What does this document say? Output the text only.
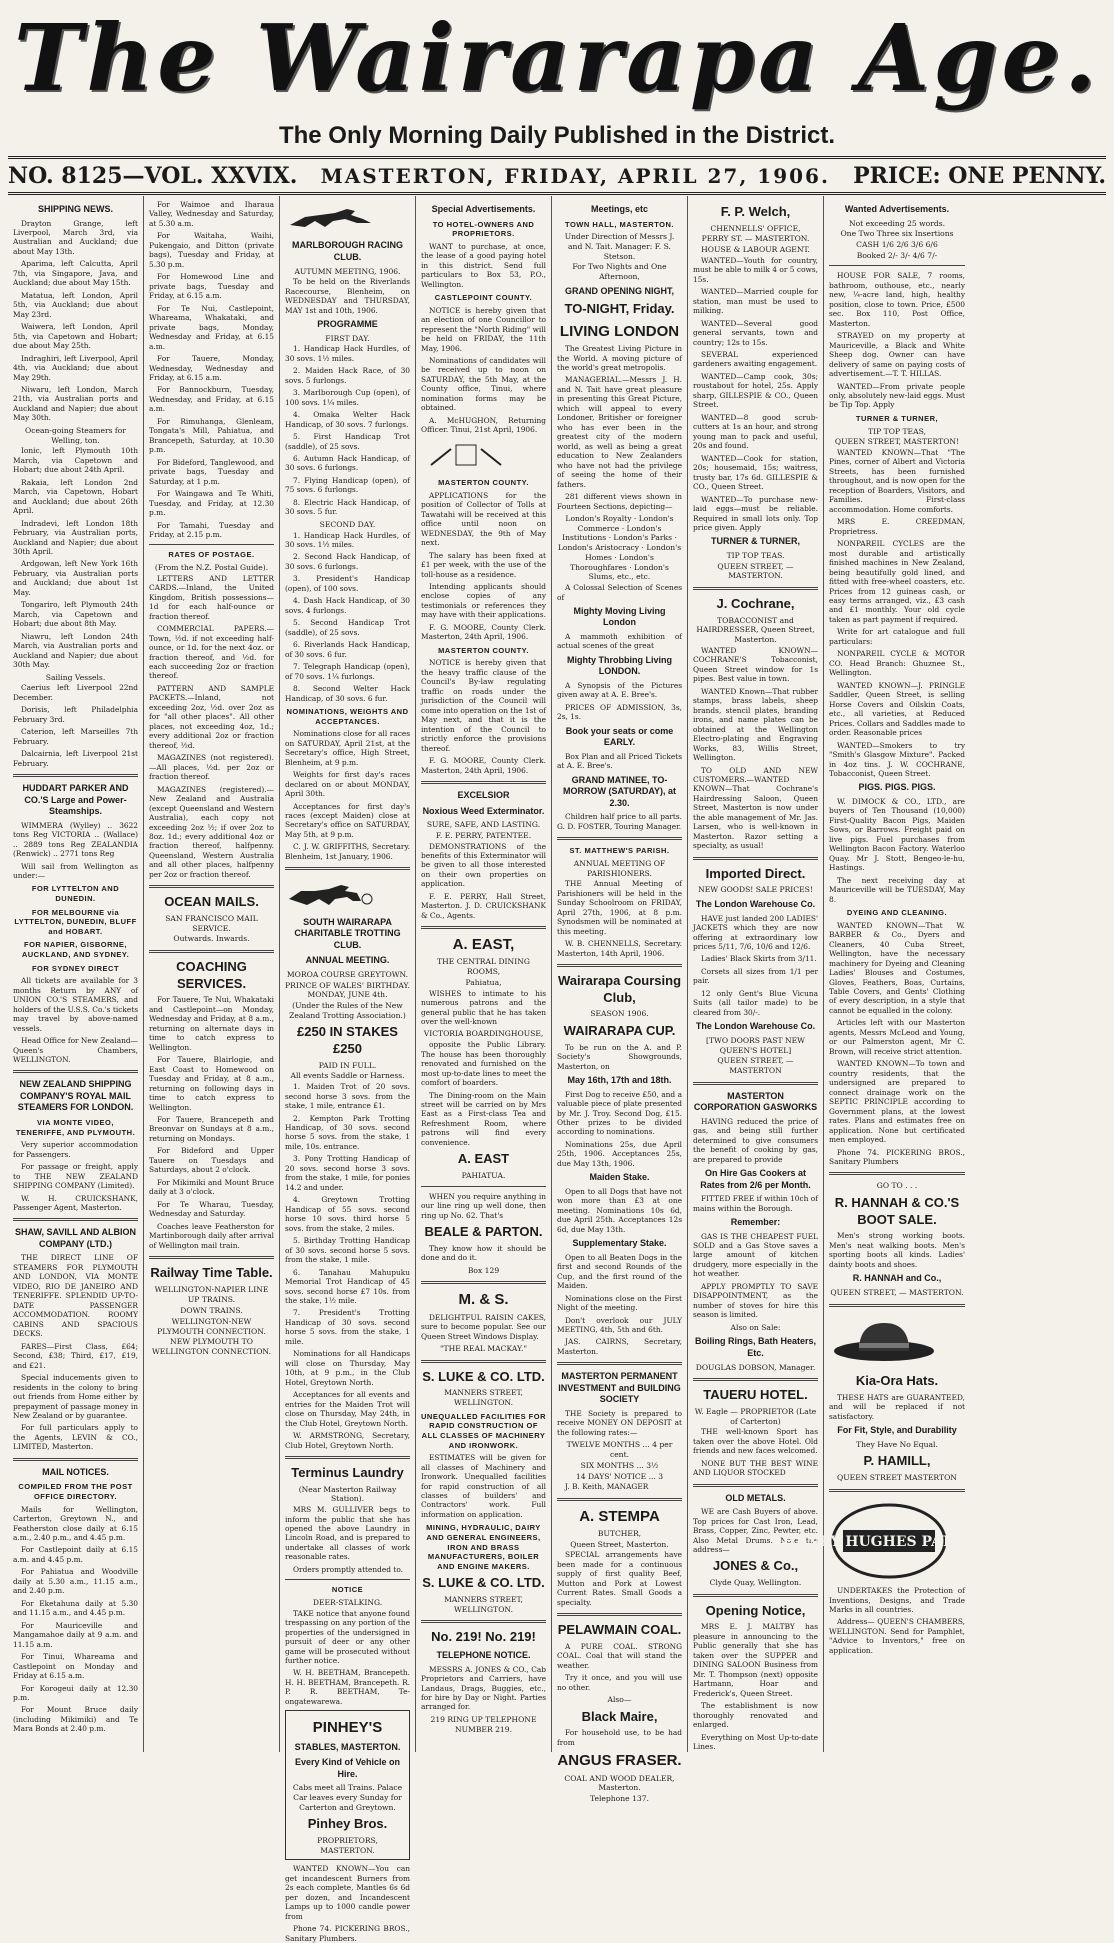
The Wairarapa Age.
The Only Morning Daily Published in the District.
NO. 8125—VOL. XXVIX. MASTERTON, FRIDAY, APRIL 27, 1906. PRICE: ONE PENNY.
SHIPPING NEWS.

Drayton Grange, left Liverpool, March 3rd, via Australian and Auckland; due about May 13th.

Aparima, left Calcutta, April 7th, via Singapore, Java, and Auckland; due about May 15th.

Matatua, left London, April 5th, via Auckland; due about May 23rd.

Waiwera, left London, April 5th, via Capetown and Hobart; due about May 25th.

Indraghiri, left Liverpool, April 4th, via Auckland; due about May 29th.

Niwaru, left London, March 21th, via Australian ports and Auckland and Napier; due about May 30th.

Ocean-going Steamers for Welling, ton.

Ionic, left Plymouth 10th March, via Capetown and Hobart; due about 24th April.

Rakaia, left London 2nd March, via Capetown, Hobart and Auckland; due about 26th April.

Indradevi, left London 18th February, via Australian ports, Auckland and Napier; due about 30th April.

Ardgowan, left New York 16th February, via Australian ports and Auckland; due about 1st May.

Tongariro, left Plymouth 24th March, via Capetown and Hobart; due about 8th May.

Niawru, left London 24th March, via Australian ports and Auckland and Napier; due about 30th May.

Sailing Vessels.

Caerius left Liverpool 22nd December.

Dorisis, left Philadelphia February 3rd.

Caterion, left Marseilles 7th February.

Dalcairnia, left Liverpool 21st February.

HUDDART PARKER AND CO.'S Large and Power- Steamships.

WIMMERA (Wylley) .. 3622 tons Reg VICTORIA .. (Wallace) .. 2889 tons Reg ZEALANDIA (Renwick) .. 2771 tons Reg

Will sail from Wellington as under:—

FOR LYTTELTON AND DUNEDIN.
FOR MELBOURNE via LYTTELTON, DUNEDIN, BLUFF and HOBART.
FOR NAPIER, GISBORNE, AUCKLAND, AND SYDNEY.
FOR SYDNEY DIRECT

All tickets are available for 3 months Return by ANY of UNION CO.'S STEAMERS, and holders of the U.S.S. Co.'s tickets may travel by above-named vessels.

Head Office for New Zealand—Queen's Chambers, WELLINGTON.

NEW ZEALAND SHIPPING COMPANY'S ROYAL MAIL STEAMERS FOR LONDON.
VIA MONTE VIDEO, TENERIFFE, AND PLYMOUTH.

Very superior accommodation for Passengers.

For passage or freight, apply to THE NEW ZEALAND SHIPPING COMPANY (Limited).

W. H. CRUICKSHANK, Passenger Agent, Masterton.

SHAW, SAVILL AND ALBION COMPANY (LTD.)

THE DIRECT LINE OF STEAMERS FOR PLYMOUTH AND LONDON, VIA MONTE VIDEO, RIO DE JANEIRO AND TENERIFFE. SPLENDID UP-TO-DATE PASSENGER ACCOMMODATION. ROOMY CABINS AND SPACIOUS DECKS.

FARES—First Class, £64; Second, £38; Third, £17, £19, and £21.

Special inducements given to residents in the colony to bring out friends from Home either by prepayment of passage money in New Zealand or by guarantee.

For full particulars apply to the Agents, LEVIN & CO., LIMITED, Masterton.

MAIL NOTICES.
COMPILED FROM THE POST OFFICE DIRECTORY.

Mails for Wellington, Carterton, Greytown N., and Featherston close daily at 6.15 a.m., 2.40 p.m., and 4.45 p.m.

For Castlepoint daily at 6.15 a.m. and 4.45 p.m.

For Pahiatua and Woodville daily at 5.30 a.m., 11.15 a.m., and 2.40 p.m.

For Eketahuna daily at 5.30 and 11.15 a.m., and 4.45 p.m.

For Mauriceville and Mangamahoe daily at 9 a.m. and 11.15 a.m.

For Tinui, Whareama and Castlepoint on Monday and Friday at 6.15 a.m.

For Korogeui daily at 12.30 p.m.

For Mount Bruce daily (including Mikimiki) and Te Mara Bonds at 2.40 p.m.

For Waimoe and Iharaua Valley, Wednesday and Saturday, at 5.30 a.m.

For Waitaha, Waihi, Pukengaio, and Ditton (private bags), Tuesday and Friday, at 5.30 p.m.

For Homewood Line and private bags, Tuesday and Friday, at 6.15 a.m.

For Te Nui, Castlepoint, Whareama, Whakataki, and private bags, Monday, Wednesday and Friday, at 6.15 a.m.

For Tauere, Monday, Wednesday, Wednesday and Friday, at 6.15 a.m.

For Bannockburn, Tuesday, Wednesday, and Friday, at 6.15 a.m.

For Rimuhanga, Glenleam, Tongata's Mill, Pahiatua, and Brancepeth, Saturday, at 10.30 p.m.

For Bideford, Tanglewood, and private bags, Tuesday and Saturday, at 1 p.m.

For Waingawa and Te Whiti, Tuesday, and Friday, at 12.30 p.m.

For Tamahi, Tuesday and Friday, at 2.15 p.m.

RATES OF POSTAGE.
(From the N.Z. Postal Guide).

LETTERS AND LETTER CARDS.—Inland, the United Kingdom, British possessions—1d for each half-ounce or fraction thereof.

COMMERCIAL PAPERS.—Town, ½d. if not exceeding half-ounce, or 1d. for the next 4oz. or fraction thereof, and ½d. for each succeeding 2oz or fraction thereof.

PATTERN AND SAMPLE PACKETS.—Inland, not exceeding 2oz, ½d. over 2oz as for "all other places". All other places, not exceeding 4oz, 1d.; every additional 2oz or fraction thereof, ½d.

MAGAZINES (not registered).—All places, ½d. per 2oz or fraction thereof.

MAGAZINES (registered).—New Zealand and Australia (except Queensland and Western Australia), each copy not exceeding 2oz ½; if over 2oz to 8oz. 1d.; every additional 4oz or fraction thereof, halfpenny. Queensland, Western Australia and all other places, halfpenny per 2oz or fraction thereof.

OCEAN MAILS.
SAN FRANCISCO MAIL SERVICE.
Outwards. Inwards.
COACHING SERVICES.

For Tauere, Te Nui, Whakataki and Castlepoint—on Monday, Wednesday and Friday, at 8 a.m., returning on alternate days in time to catch express to Wellington.

For Tauere, Blairlogie, and East Coast to Homewood on Tuesday and Friday, at 8 a.m., returning on following days in time to catch express to Wellington.

For Tauere, Brancepeth and Breonvar on Sundays at 8 a.m., returning on Mondays.

For Bideford and Upper Tauere on Tuesdays and Saturdays, about 2 o'clock.

For Mikimiki and Mount Bruce daily at 3 o'clock.

For Te Wharau, Tuesday, Wednesday and Saturday.

Coaches leave Featherston for Martinborough daily after arrival of Wellington mail train.

Railway Time Table.
WELLINGTON-NAPIER LINE
UP TRAINS.
DOWN TRAINS.
WELLINGTON-NEW PLYMOUTH CONNECTION.
NEW PLYMOUTH TO WELLINGTON CONNECTION.
MARLBOROUGH RACING CLUB.
AUTUMN MEETING, 1906.

To be held on the Riverlands Racecourse, Blenheim, on WEDNESDAY and THURSDAY, MAY 1st and 10th, 1906.

PROGRAMME
FIRST DAY.

1. Handicap Hack Hurdles, of 30 sovs. 1½ miles.

2. Maiden Hack Race, of 30 sovs. 5 furlongs.

3. Marlborough Cup (open), of 100 sovs. 1¼ miles.

4. Omaka Welter Hack Handicap, of 30 sovs. 7 furlongs.

5. First Handicap Trot (saddle), of 25 sovs.

6. Autumn Hack Handicap, of 30 sovs. 6 furlongs.

7. Flying Handicap (open), of 75 sovs. 6 furlongs.

8. Electric Hack Handicap, of 30 sovs. 5 fur.

SECOND DAY.

1. Handicap Hack Hurdles, of 30 sovs. 1½ miles.

2. Second Hack Handicap, of 30 sovs. 6 furlongs.

3. President's Handicap (open), of 100 sovs.

4. Dash Hack Handicap, of 30 sovs. 4 furlongs.

5. Second Handicap Trot (saddle), of 25 sovs.

6. Riverlands Hack Handicap, of 30 sovs. 6 fur.

7. Telegraph Handicap (open), of 70 sovs. 1¼ furlongs.

8. Second Welter Hack Handicap, of 30 sovs. 6 fur.

NOMINATIONS, WEIGHTS AND ACCEPTANCES.

Nominations close for all races on SATURDAY, April 21st, at the Secretary's office, High Street, Blenheim, at 9 p.m.

Weights for first day's races declared on or about MONDAY, April 30th.

Acceptances for first day's races (except Maiden) close at Secretary's office on SATURDAY, May 5th, at 9 p.m.

C. J. W. GRIFFITHS, Secretary. Blenheim, 1st January, 1906.

SOUTH WAIRARAPA CHARITABLE TROTTING CLUB.
ANNUAL MEETING.
MOROA COURSE GREYTOWN.
PRINCE OF WALES' BIRTHDAY. MONDAY, JUNE 4th.
(Under the Rules of the New Zealand Trotting Association.)
£250 IN STAKES £250
PAID IN FULL.
All events Saddle or Harness.

1. Maiden Trot of 20 sovs. second horse 3 sovs. from the stake, 1 mile, entrance £1.

2. Kempton Park Trotting Handicap, of 30 sovs. second horse 5 sovs. from the stake, 1 mile, 10s. entrance.

3. Pony Trotting Handicap of 20 sovs. second horse 3 sovs. from the stake, 1 mile, for ponies 14.2 and under.

4. Greytown Trotting Handicap of 55 sovs. second horse 10 sovs. third horse 5 sovs. from the stake, 2 miles.

5. Birthday Trotting Handicap of 30 sovs. second horse 5 sovs. from the stake, 1 mile.

6. Tanahau Mahupuku Memorial Trot Handicap of 45 sovs. second horse £7 10s. from the stake, 1½ mile.

7. President's Trotting Handicap of 30 sovs. second horse 5 sovs. from the stake, 1 mile.

Nominations for all Handicaps will close on Thursday, May 10th, at 9 p.m., in the Club Hotel, Greytown North.

Acceptances for all events and entries for the Maiden Trot will close on Thursday, May 24th, in the Club Hotel, Greytown North.

W. ARMSTRONG, Secretary, Club Hotel, Greytown North.

Terminus Laundry
(Near Masterton Railway Station).

MRS M. GULLIVER begs to inform the public that she has opened the above Laundry in Lincoln Road, and is prepared to undertake all classes of work reasonable rates.

Orders promptly attended to.

NOTICE
DEER-STALKING.

TAKE notice that anyone found trespassing on any portion of the properties of the undersigned in pursuit of deer or any other game will be prosecuted without further notice.

W. H. BEETHAM, Brancepeth. H. H. BEETHAM, Brancepeth. R. P. R. BEETHAM, Te-ongatewarewa.

PINHEY'S
STABLES, MASTERTON.
Every Kind of Vehicle on Hire.
Cabs meet all Trains. Palace Car leaves every Sunday for Carterton and Greytown.
Pinhey Bros.
PROPRIETORS, MASTERTON.

WANTED KNOWN—You can get incandescent Burners from 2s each complete, Mantles 6s 6d per dozen, and Incandescent Lamps up to 1000 candle power from

Phone 74. PICKERING BROS., Sanitary Plumbers.

Special Advertisements.
TO HOTEL-OWNERS AND PROPRIETORS.

WANT to purchase, at once, the lease of a good paying hotel in this district. Send full particulars to Box 53, P.O., Wellington.

CASTLEPOINT COUNTY.

NOTICE is hereby given that an election of one Councillor to represent the "North Riding" will be held on FRIDAY, the 11th May, 1906.

Nominations of candidates will be received up to noon on SATURDAY, the 5th May, at the County office, Tinui, where nomination forms may be obtained.

A. McHUGHON, Returning Officer. Tinui, 21st April, 1906.

MASTERTON COUNTY.

APPLICATIONS for the position of Collector of Tolls at Tawatahi will be received at this office until noon on WEDNESDAY, the 9th of May next.

The salary has been fixed at £1 per week, with the use of the toll-house as a residence.

Intending applicants should enclose copies of any testimonials or references they may have with their applications.

F. G. MOORE, County Clerk. Masterton, 24th April, 1906.

MASTERTON COUNTY.

NOTICE is hereby given that the heavy traffic clause of the Council's By-law regulating traffic on roads under the jurisdiction of the Council will come into operation on the 1st of May next, and that it is the intention of the Council to strictly enforce the provisions thereof.

F. G. MOORE, County Clerk. Masterton, 24th April, 1906.

EXCELSIOR
Noxious Weed Exterminator.
SURE, SAFE, AND LASTING.
F. E. PERRY, PATENTEE.

DEMONSTRATIONS of the benefits of this Exterminator will be given to all those interested on their own properties on application.

F. E. PERRY, Hall Street, Masterton. J. D. CRUICKSHANK & Co., Agents.

A. EAST,
THE CENTRAL DINING ROOMS,
Pahiatua,

WISHES to intimate to his numerous patrons and the general public that he has taken over the well-known

VICTORIA BOARDINGHOUSE,

opposite the Public Library. The house has been thoroughly renovated and furnished on the most up-to-date lines to meet the comfort of boarders.

The Dining-room on the Main street will be carried on by Mrs East as a First-class Tea and Refreshment Room, where patrons will find every convenience.

A. EAST
PAHIATUA.

WHEN you require anything in our line ring up well done, then ring up No. 62. That's

BEALE & PARTON.

They know how it should be done and do it.

Box 129
M. & S.

DELIGHTFUL RAISIN CAKES, sure to become popular. See our Queen Street Windows Display.

"THE REAL MACKAY."
S. LUKE & CO. LTD.
MANNERS STREET, WELLINGTON.
UNEQUALLED FACILITIES FOR RAPID CONSTRUCTION OF ALL CLASSES OF MACHINERY AND IRONWORK.

ESTIMATES will be given for all classes of Machinery and Ironwork. Unequalled facilities for rapid construction of all classes of builders' and Contractors' work. Full information on application.

MINING, HYDRAULIC, DAIRY AND GENERAL ENGINEERS, IRON AND BRASS MANUFACTURERS, BOILER AND ENGINE MAKERS.
S. LUKE & CO. LTD.
MANNERS STREET, WELLINGTON.
No. 219! No. 219!
TELEPHONE NOTICE.

MESSRS A. JONES & CO., Cab Proprietors and Carriers, have Landaus, Drags, Buggies, etc., for hire by Day or Night. Parties arranged for.

219 RING UP TELEPHONE NUMBER 219.
Meetings, etc
TOWN HALL, MASTERTON.
Under Direction of Messrs J. and N. Tait. Manager: F. S. Stetson.
For Two Nights and One Afternoon,
GRAND OPENING NIGHT,
TO-NIGHT, Friday.
LIVING LONDON

The Greatest Living Picture in the World. A moving picture of the world's great metropolis.

MANAGERIAL.—Messrs J. H. and N. Tait have great pleasure in presenting this Great Picture, which will appeal to every Londoner, Britisher or foreigner who has ever been in the greatest city of the modern world, as well as being a great education to New Zealanders who have not had the privilege of seeing the home of their fathers.

281 different views shown in Fourteen Sections, depicting—

London's Royalty · London's Commerce · London's Institutions · London's Parks · London's Aristocracy · London's Homes · London's Thoroughfares · London's Slums, etc., etc.

A Colossal Selection of Scenes of

Mighty Moving Living London

A mammoth exhibition of actual scenes of the great

Mighty Throbbing Living LONDON.

A Synopsis of the Pictures given away at A. E. Bree's.

PRICES OF ADMISSION, 3s, 2s, 1s.

Book your seats or come EARLY.

Box Plan and all Priced Tickets at A. E. Bree's.

GRAND MATINEE, TO-MORROW (SATURDAY), at 2.30.

Children half price to all parts. G. D. FOSTER, Touring Manager.

ST. MATTHEW'S PARISH.
ANNUAL MEETING OF PARISHIONERS.

THE Annual Meeting of Parishioners will be held in the Sunday Schoolroom on FRIDAY, April 27th, 1906, at 8 p.m. Synodsmen will be nominated at this meeting.

W. B. CHENNELLS, Secretary. Masterton, 14th April, 1906.

Wairarapa Coursing Club,
SEASON 1906.
WAIRARAPA CUP.

To be run on the A. and P. Society's Showgrounds, Masterton, on

May 16th, 17th and 18th.

First Dog to receive £50, and a valuable piece of plate presented by Mr. J. Troy. Second Dog, £15. Other prizes to be divided according to nominations.

Nominations 25s, due April 25th, 1906. Acceptances 25s, due May 13th, 1906.

Maiden Stake.

Open to all Dogs that have not won more than £3 at one meeting. Nominations 10s 6d, due April 25th. Acceptances 12s 6d, due May 13th.

Supplementary Stake.

Open to all Beaten Dogs in the first and second Rounds of the Cup, and the first round of the Maiden.

Nominations close on the First Night of the meeting.

Don't overlook our JULY MEETING, 4th, 5th and 6th.

JAS. CAIRNS, Secretary, Masterton.

MASTERTON PERMANENT INVESTMENT and BUILDING SOCIETY

THE Society is prepared to receive MONEY ON DEPOSIT at the following rates:—

TWELVE MONTHS ... 4 per cent.
SIX MONTHS ... 3½
14 DAYS' NOTICE ... 3

J. B. Keith, MANAGER

A. STEMPA
BUTCHER,
Queen Street, Masterton.

SPECIAL arrangements have been made for a continuous supply of first quality Beef, Mutton and Pork at Lowest Current Rates. Small Goods a specialty.

PELAWMAIN COAL.

A PURE COAL. STRONG COAL. Coal that will stand the weather.

Try it once, and you will use no other.

Also—
Black Maire,

For household use, to be had from

ANGUS FRASER.
COAL AND WOOD DEALER, Masterton.
Telephone 137.
F. P. Welch,
CHENNELLS' OFFICE,
PERRY ST. — MASTERTON.
HOUSE & LABOUR AGENT.

WANTED—Youth for country, must be able to milk 4 or 5 cows, 15s.

WANTED—Married couple for station, man must be used to milking.

WANTED—Several good general servants, town and country; 12s to 15s.

SEVERAL experienced gardeners awaiting engagement.

WANTED—Camp cook, 30s; roustabout for hotel, 25s. Apply sharp, GILLESPIE & CO., Queen Street.

WANTED—8 good scrub-cutters at 1s an hour, and strong young man to pack and useful, 20s and found.

WANTED—Cook for station, 20s; housemaid, 15s; waitress, trusty bar, 17s 6d. GILLESPIE & CO., Queen Street.

WANTED—To purchase new-laid eggs—must be reliable. Required in small lots only. Top price given. Apply

TURNER & TURNER,
TIP TOP TEAS.
QUEEN STREET, — MASTERTON.
J. Cochrane,
TOBACCONIST and HAIRDRESSER, Queen Street, Masterton.

WANTED KNOWN—COCHRANE'S Tobacconist, Queen Street window for 1s pipes. Best value in town.

WANTED Known—That rubber stamps, brass labels, sheep brands, stencil plates, branding irons, and name plates can be obtained at the Wellington Electro-plating and Engraving Works, 83, Willis Street, Wellington.

TO OLD AND NEW CUSTOMERS.—WANTED KNOWN—That Cochrane's Hairdressing Saloon, Queen Street, Masterton is now under the able management of Mr. Jas. Larsen, who is well-known in Masterton. Razor setting a specialty, as usual!

Imported Direct.
NEW GOODS! SALE PRICES!
The London Warehouse Co.

HAVE just landed 200 LADIES' JACKETS which they are now offering at extraordinary low prices 5/11, 7/6, 10/6 and 12/6.

Ladies' Black Skirts from 3/11.

Corsets all sizes from 1/1 per pair.

12 only Gent's Blue Vicuna Suits (all tailor made) to be cleared from 30/-.

The London Warehouse Co.
[TWO DOORS PAST NEW QUEEN'S HOTEL]
QUEEN STREET, — MASTERTON
MASTERTON CORPORATION GASWORKS

HAVING reduced the price of gas, and being still further determined to give consumers the benefit of cooking by gas, are prepared to provide

On Hire Gas Cookers at Rates from 2/6 per Month.

FITTED FREE if within 10ch of mains within the Borough.

Remember:

GAS IS THE CHEAPEST FUEL SOLD and a Gas Stove saves a large amount of kitchen drudgery, more especially in the hot weather.

APPLY PROMPTLY TO SAVE DISAPPOINTMENT, as the number of stoves for hire this season is limited.

Also on Sale:
Boiling Rings, Bath Heaters, Etc.
DOUGLAS DOBSON, Manager.
TAUERU HOTEL.
W. Eagle — PROPRIETOR (Late of Carterton)

THE well-known Sport has taken over the above Hotel. Old friends and new faces welcomed.

NONE BUT THE BEST WINE AND LIQUOR STOCKED

OLD METALS.

WE are Cash Buyers of above. Top prices for Cast Iron, Lead, Brass, Copper, Zinc, Pewter, etc. Also Metal Drums. Note the address—

JONES & Co.,
Clyde Quay, Wellington.
Opening Notice,

MRS E. J. MALTBY has pleasure in announcing to the Public generally that she has taken over the SUPPER and DINING SALOON Business from Mr. T. Thompson (next) opposite Hartmann, Hoar and Frederick's, Queen Street.

The establishment is now thoroughly renovated and enlarged.

Everything on Most Up-to-date Lines.

Wanted Advertisements.
Not exceeding 25 words.
One Two Three six Insertions
CASH 1/6 2/6 3/6 6/6
Booked 2/- 3/- 4/6 7/-

HOUSE FOR SALE, 7 rooms, bathroom, outhouse, etc., nearly new, ¼-acre land, high, healthy position, close to town. Price, £500 sec. Box 110, Post Office, Masterton.

STRAYED on my property at Mauriceville, a Black and White Sheep dog. Owner can have delivery of same on paying costs of advertisement.—T. T. HILLAS.

WANTED—From private people only, absolutely new-laid eggs. Must be Tip Top. Apply

TURNER & TURNER,
TIP TOP TEAS,
QUEEN STREET, MASTERTON!

WANTED KNOWN—That "The Pines, corner of Albert and Victoria Streets, has been furnished throughout, and is now open for the reception of Boarders, Visitors, and Families. First-class accommodation. Home comforts.

MRS E. CREEDMAN, Proprietress.

NONPAREIL CYCLES are the most durable and artistically finished machines in New Zealand, being beautifully gold lined, and fitted with free-wheel coasters, etc. Prices from 12 guineas cash, or easy terms arranged, viz., £3 cash and £1 monthly. Your old cycle taken as part payment if required.

Write for art catalogue and full particulars:

NONPAREIL CYCLE & MOTOR CO. Head Branch: Ghuznee St., Wellington.

WANTED KNOWN—J. PRINGLE Saddler, Queen Street, is selling Horse Covers and Oilskin Coats, etc., all varieties, at Reduced Prices. Collars and Saddles made to order. Reasonable prices

WANTED—Smokers to try "Smith's Glasgow Mixture". Packed in 4oz tins. J. W. COCHRANE, Tobacconist, Queen Street.

PIGS. PIGS. PIGS.

W. DIMOCK & CO., LTD., are buyers of Ten Thousand (10,000) First-Quality Bacon Pigs, Maiden Sows, or Barrows. Freight paid on live pigs. Fuel purchases from Wellington Bacon Factory. Waterloo Quay. Mr J. Stott, Bengeo-le-hu, Hastings.

The next receiving day at Mauriceville will be TUESDAY, May 8.

DYEING AND CLEANING.

WANTED KNOWN—That W. BARBER & Co., Dyers and Cleaners, 40 Cuba Street, Wellington, have the necessary machinery for Dyeing and Cleaning Ladies' Blouses and Costumes, Gloves, Feathers, Boas, Curtains, Table Covers, and Gents' Clothing of every description, in a style that cannot be equalled in the colony.

Articles left with our Masterton agents, Messrs McLeod and Young, or our Palmerston agent, Mr C. Brown, will receive strict attention.

WANTED KNOWN—To town and country residents, that the undersigned are prepared to connect drainage work on the SEPTIC PRINCIPLE according to Government plans, at the lowest rates. Plans and estimates free on application. None but certificated men employed.

Phone 74. PICKERING BROS., Sanitary Plumbers

GO TO . . .
R. HANNAH & CO.'S BOOT SALE.

Men's strong working boots. Men's neat walking boots. Men's sporting boots all kinds. Ladies' dainty boots and shoes.

R. HANNAH and Co.,
QUEEN STREET, — MASTERTON.
Kia-Ora Hats.

THESE HATS are GUARANTEED, and will be replaced if not satisfactory.

For Fit, Style, and Durability
They Have No Equal.
P. HAMILL,
QUEEN STREET MASTERTON
HENRY HUGHES PATENTS

UNDERTAKES the Protection of Inventions, Designs, and Trade Marks in all countries.

Address— QUEEN'S CHAMBERS, WELLINGTON. Send for Pamphlet, "Advice to Inventors," free on application.
